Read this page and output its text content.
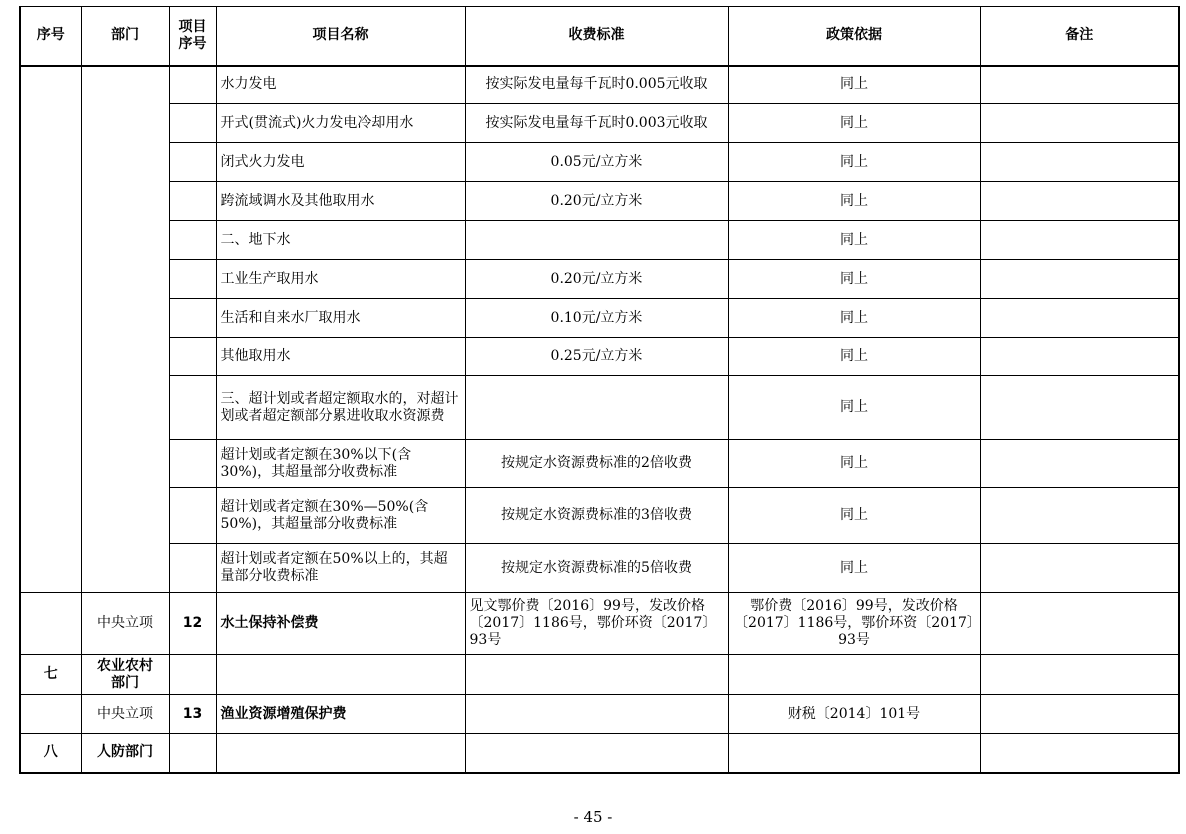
序号	部门	项目序号	项目名称	收费标准	政策依据	备注
			水力发电	按实际发电量每千瓦时0.005元收取	同上	
			开式(贯流式)火力发电冷却用水	按实际发电量每千瓦时0.003元收取	同上	
			闭式火力发电	0.05元/立方米	同上	
			跨流域调水及其他取用水	0.20元/立方米	同上	
			二、地下水		同上	
			工业生产取用水	0.20元/立方米	同上	
			生活和自来水厂取用水	0.10元/立方米	同上	
			其他取用水	0.25元/立方米	同上	
			三、超计划或者超定额取水的，对超计划或者超定额部分累进收取水资源费		同上	
			超计划或者定额在30%以下(含30%)，其超量部分收费标准	按规定水资源费标准的2倍收费	同上	
			超计划或者定额在30%—50%(含50%)，其超量部分收费标准	按规定水资源费标准的3倍收费	同上	
			超计划或者定额在50%以上的，其超量部分收费标准	按规定水资源费标准的5倍收费	同上	
	中央立项	12	水土保持补偿费	见文鄂价费〔2016〕99号，发改价格〔2017〕1186号，鄂价环资〔2017〕93号	鄂价费〔2016〕99号，发改价格〔2017〕1186号，鄂价环资〔2017〕93号	
七	农业农村部门					
	中央立项	13	渔业资源增殖保护费		财税〔2014〕101号	
八	人防部门					
- 45 -
